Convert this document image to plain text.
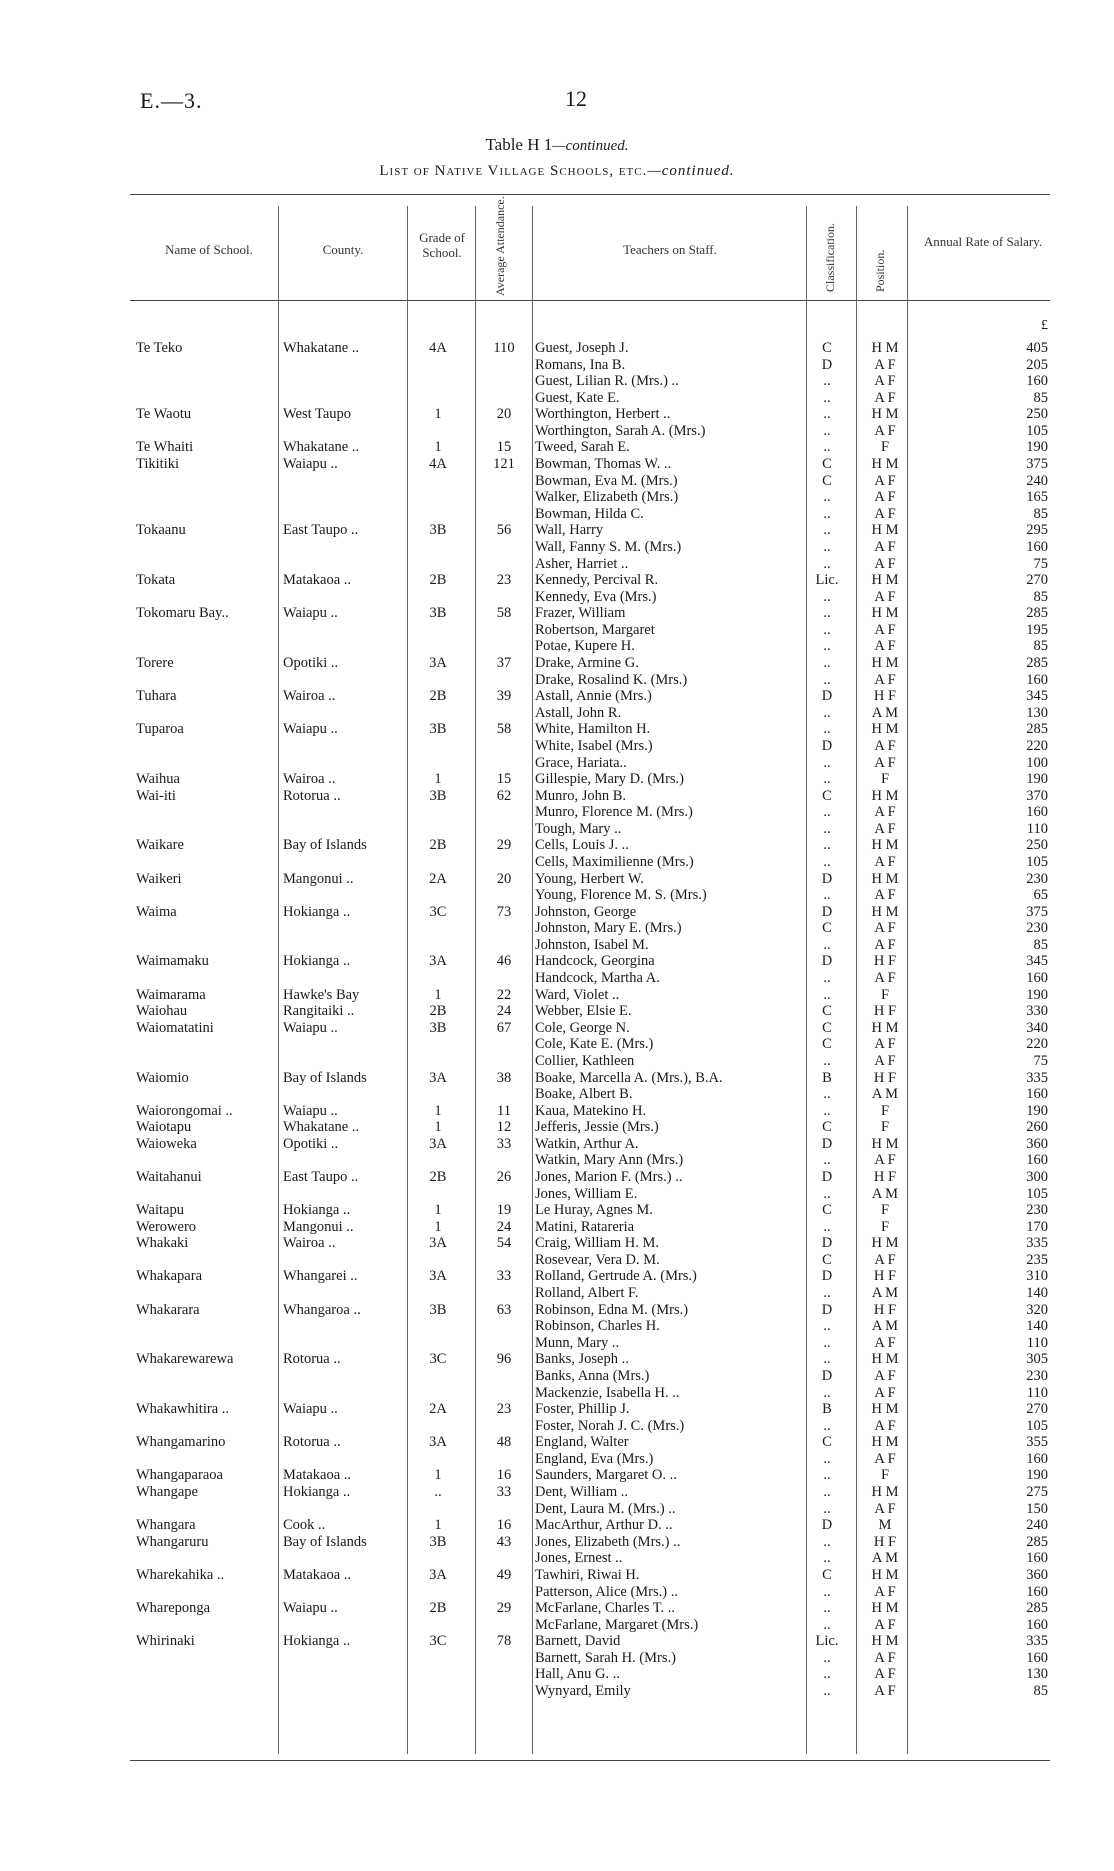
E.—3.	12
Table H 1—continued.
List of Native Village Schools, etc.—continued.
Name of School.	County.
Grade of School.	Average Attendance.	Teachers on Staff.	Classification.	Position.
Annual Rate of Salary.
£
Te Teko	Whakatane ..	4A	110	Guest, Joseph J.	C	H M	405
Romans, Ina B.	D	A F	205
Guest, Lilian R. (Mrs.) ..	..	A F	160
Guest, Kate E.	..	A F	85
Te Waotu	West Taupo	1	20	Worthington, Herbert ..	..	H M	250
Worthington, Sarah A. (Mrs.)	..	A F	105
Te Whaiti	Whakatane ..	1	15	Tweed, Sarah E.	..	F	190
Tikitiki	Waiapu ..	4A	121	Bowman, Thomas W. ..	C	H M	375
Bowman, Eva M. (Mrs.)	C	A F	240
Walker, Elizabeth (Mrs.)	..	A F	165
Bowman, Hilda C.	..	A F	85
Tokaanu	East Taupo ..	3B	56	Wall, Harry	..	H M	295
Wall, Fanny S. M. (Mrs.)	..	A F	160
Asher, Harriet ..	..	A F	75
Tokata	Matakaoa ..	2B	23	Kennedy, Percival R.	Lic.	H M	270
Kennedy, Eva (Mrs.)	..	A F	85
Tokomaru Bay..	Waiapu ..	3B	58	Frazer, William	..	H M	285
Robertson, Margaret	..	A F	195
Potae, Kupere H.	..	A F	85
Torere	Opotiki ..	3A	37	Drake, Armine G.	..	H M	285
Drake, Rosalind K. (Mrs.)	..	A F	160
Tuhara	Wairoa ..	2B	39	Astall, Annie (Mrs.)	D	H F	345
Astall, John R.	..	A M	130
Tuparoa	Waiapu ..	3B	58	White, Hamilton H.	..	H M	285
White, Isabel (Mrs.)	D	A F	220
Grace, Hariata..	..	A F	100
Waihua	Wairoa ..	1	15	Gillespie, Mary D. (Mrs.)	..	F	190
Wai-iti	Rotorua ..	3B	62	Munro, John B.	C	H M	370
Munro, Florence M. (Mrs.)	..	A F	160
Tough, Mary ..	..	A F	110
Waikare	Bay of Islands	2B	29	Cells, Louis J. ..	..	H M	250
Cells, Maximilienne (Mrs.)	..	A F	105
Waikeri	Mangonui ..	2A	20	Young, Herbert W.	D	H M	230
Young, Florence M. S. (Mrs.)	..	A F	65
Waima	Hokianga ..	3C	73	Johnston, George	D	H M	375
Johnston, Mary E. (Mrs.)	C	A F	230
Johnston, Isabel M.	..	A F	85
Waimamaku	Hokianga ..	3A	46	Handcock, Georgina	D	H F	345
Handcock, Martha A.	..	A F	160
Waimarama	Hawke's Bay	1	22	Ward, Violet ..	..	F	190
Waiohau	Rangitaiki ..	2B	24	Webber, Elsie E.	C	H F	330
Waiomatatini	Waiapu ..	3B	67	Cole, George N.	C	H M	340
Cole, Kate E. (Mrs.)	C	A F	220
Collier, Kathleen	..	A F	75
Waiomio	Bay of Islands	3A	38	Boake, Marcella A. (Mrs.), B.A.	B	H F	335
Boake, Albert B.	..	A M	160
Waiorongomai ..	Waiapu ..	1	11	Kaua, Matekino H.	..	F	190
Waiotapu	Whakatane ..	1	12	Jefferis, Jessie (Mrs.)	C	F	260
Waioweka	Opotiki ..	3A	33	Watkin, Arthur A.	D	H M	360
Watkin, Mary Ann (Mrs.)	..	A F	160
Waitahanui	East Taupo ..	2B	26	Jones, Marion F. (Mrs.) ..	D	H F	300
Jones, William E.	..	A M	105
Waitapu	Hokianga ..	1	19	Le Huray, Agnes M.	C	F	230
Werowero	Mangonui ..	1	24	Matini, Ratareria	..	F	170
Whakaki	Wairoa ..	3A	54	Craig, William H. M.	D	H M	335
Rosevear, Vera D. M.	C	A F	235
Whakapara	Whangarei ..	3A	33	Rolland, Gertrude A. (Mrs.)	D	H F	310
Rolland, Albert F.	..	A M	140
Whakarara	Whangaroa ..	3B	63	Robinson, Edna M. (Mrs.)	D	H F	320
Robinson, Charles H.	..	A M	140
Munn, Mary ..	..	A F	110
Whakarewarewa	Rotorua ..	3C	96	Banks, Joseph ..	..	H M	305
Banks, Anna (Mrs.)	D	A F	230
Mackenzie, Isabella H. ..	..	A F	110
Whakawhitira ..	Waiapu ..	2A	23	Foster, Phillip J.	B	H M	270
Foster, Norah J. C. (Mrs.)	..	A F	105
Whangamarino	Rotorua ..	3A	48	England, Walter	C	H M	355
England, Eva (Mrs.)	..	A F	160
Whangaparaoa	Matakaoa ..	1	16	Saunders, Margaret O. ..	..	F	190
Whangape	Hokianga ..	..	33	Dent, William ..	..	H M	275
Dent, Laura M. (Mrs.) ..	..	A F	150
Whangara	Cook ..	1	16	MacArthur, Arthur D. ..	D	M	240
Whangaruru	Bay of Islands	3B	43	Jones, Elizabeth (Mrs.) ..	..	H F	285
Jones, Ernest ..	..	A M	160
Wharekahika ..	Matakaoa ..	3A	49	Tawhiri, Riwai H.	C	H M	360
Patterson, Alice (Mrs.) ..	..	A F	160
Whareponga	Waiapu ..	2B	29	McFarlane, Charles T. ..	..	H M	285
McFarlane, Margaret (Mrs.)	..	A F	160
Whirinaki	Hokianga ..	3C	78	Barnett, David	Lic.	H M	335
Barnett, Sarah H. (Mrs.)	..	A F	160
Hall, Anu G. ..	..	A F	130
Wynyard, Emily	..	A F	85
